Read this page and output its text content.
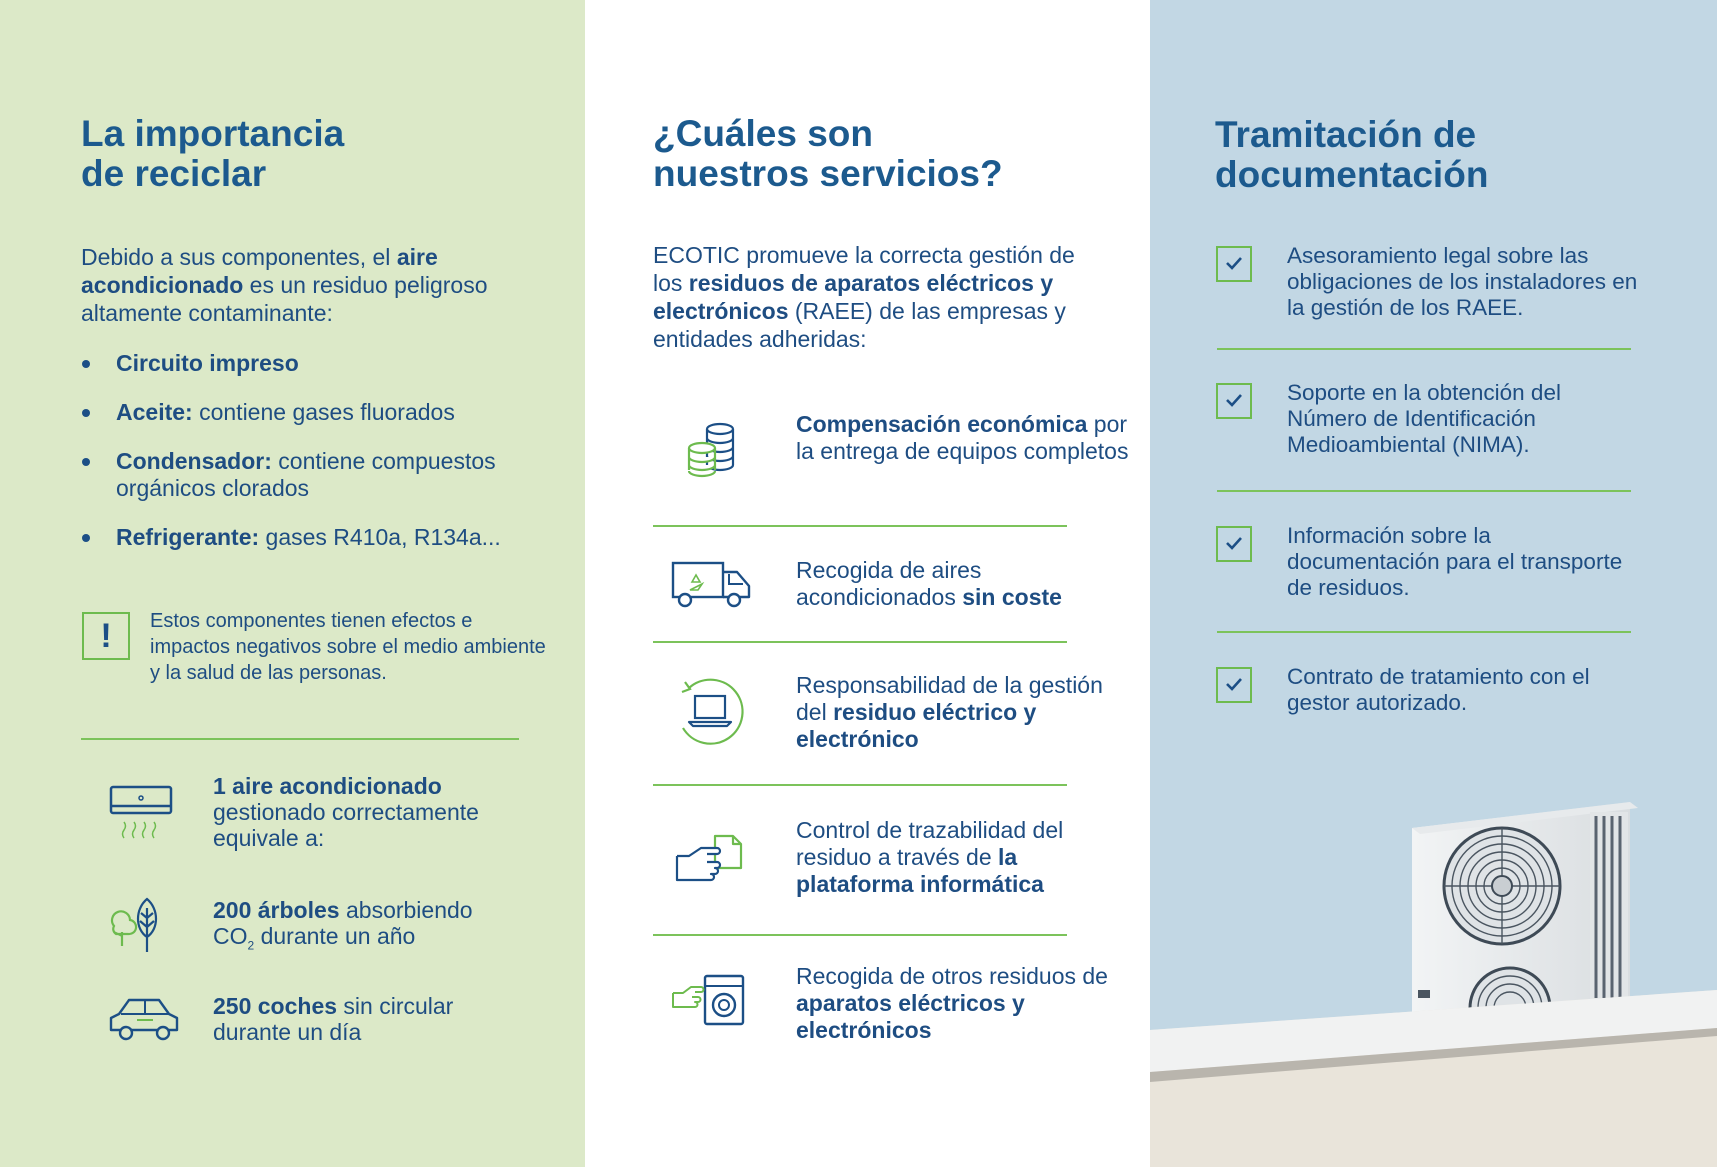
La importancia
de reciclar

Debido a sus componentes, el aire acondicionado es un residuo peligroso altamente contaminante:

Circuito impreso
Aceite: contiene gases fluorados
Condensador: contiene compuestos orgánicos clorados
Refrigerante: gases R410a, R134a...
!	Estos componentes tienen efectos e impactos negativos sobre el medio ambiente y la salud de las personas.
1 aire acondicionado gestionado correctamente equivale a:
200 árboles absorbiendo
$CO_2$ durante un año
250 coches sin circular durante un día
¿Cuáles son
nuestros servicios?

ECOTIC promueve la correcta gestión de los residuos de aparatos eléctricos y electrónicos (RAEE) de las empresas y entidades adheridas:

Compensación económica por la entrega de equipos completos
Recogida de aires acondicionados sin coste
Responsabilidad de la gestión del residuo eléctrico y electrónico
Control de trazabilidad del residuo a través de la plataforma informática
Recogida de otros residuos de aparatos eléctricos y electrónicos
Tramitación de
documentación
Asesoramiento legal sobre las obligaciones de los instaladores en la gestión de los RAEE.
Soporte en la obtención del Número de Identificación Medioambiental (NIMA).
Información sobre la documentación para el transporte de residuos.
Contrato de tratamiento con el gestor autorizado.
